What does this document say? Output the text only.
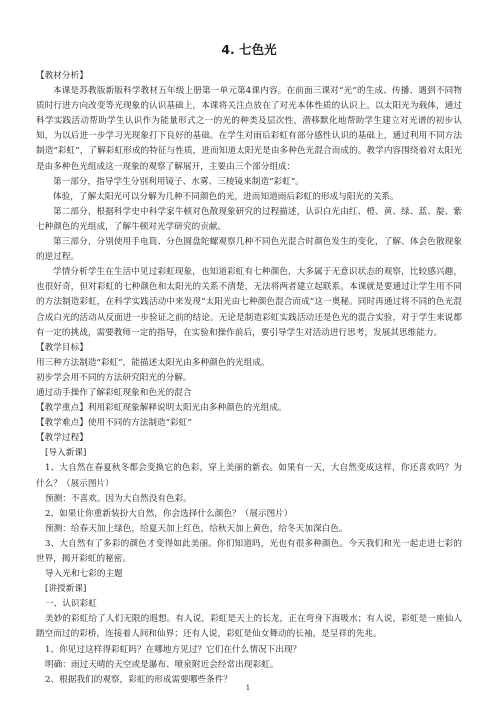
4. 七色光

【教材分析】

本课是苏教版新版科学教材五年级上册第一单元第4课内容。在前面三课对“光”的生成、传播、遇到不同物质时行进方向改变等光现象的认识基础上，本课将关注点放在了对光本体性质的认识上。以太阳光为载体，通过科学实践活动帮助学生认识作为能量形式之一的光的种类及层次性，潜移默化地帮助学生建立对光谱的初步认知，为以后进一步学习光现象打下良好的基础。在学生对雨后彩虹有部分感性认识的基础上，通过利用不同方法制造“彩虹”，了解彩虹形成的特征与性质，进而知道太阳光是由多种色光混合而成的。教学内容围绕着对太阳光是由多种色光组成这一现象的观察了解展开，主要由三个部分组成：

第一部分，指导学生分别利用镜子、水雾、三棱镜来制造“彩虹”。

体验，了解太阳光可以分解为几种不同颜色的光，进而知道雨后彩虹的形成与阳光的关系。

第二部分，根据科学史中科学家牛顿对色散现象研究的过程描述，认识白光由红、橙、黄、绿、蓝、靛、紫七种颜色的光组成，了解牛顿对光学研究的贡献。

第三部分，分别使用手电筒、分色圆盘陀螺观察几种不同色光混合时颜色发生的变化，了解、体会色散现象的逆过程。

学情分析学生在生活中见过彩虹现象，也知道彩虹有七种颜色，大多属于无意识状态的观察，比较感兴趣，也很好奇，但对彩虹的七种颜色和太阳光的关系不清楚，无法将两者建立起联系。本课就是要通过让学生用不同的方法制造彩虹，在科学实践活动中来发现“太阳光由七种颜色混合而成”这一奥秘。同时再通过将不同的色光混合成白光的活动从反面进一步验证之前的结论。无论是制造彩虹实践活动还是色光的混合实验，对于学生来说都有一定的挑战，需要教师一定的指导，在实验和操作前后，要引导学生对活动进行思考，发展其思维能力。

【教学目标】

用三种方法制造“彩虹”，能描述太阳光由多种颜色的光组成。

初步学会用不同的方法研究阳光的分解。

通过动手操作了解彩虹现象和色光的混合

【教学重点】利用彩虹现象解释说明太阳光由多种颜色的光组成。

【教学难点】使用不同的方法制造“彩虹”

【教学过程】

[导入新课]

1、大自然在春夏秋冬都会变换它的色彩，穿上美丽的新衣。如果有一天，大自然变成这样，你还喜欢吗？为什么？（展示图片）

预测：不喜欢。因为大自然没有色彩。

2、如果让你重新装扮大自然，你会选择什么颜色？（展示图片）

预测：给春天加上绿色，给夏天加上红色，给秋天加上黄色，给冬天加深白色。

3、大自然有了多彩的颜色才变得如此美丽。你们知道吗，光也有很多种颜色。今天我们和光一起走进七彩的世界，揭开彩虹的秘密。

导入光和七彩的主题

[讲授新课]

一、认识彩虹

美妙的彩虹给了人们无限的遐想。有人说，彩虹是天上的长龙，正在弯身下海吸水；有人说，彩虹是一座仙人踏空而过的彩桥，连接着人间和仙界；还有人说，彩虹是仙女舞动的长袖，是呈祥的先兆。

1、你见过这样得彩虹吗？在哪地方见过？它们在什么情况下出现？

明确：雨过天晴的天空或是瀑布、喷泉附近会经常出现彩虹。

2、根据我们的观察，彩虹的形成需要哪些条件？

1
